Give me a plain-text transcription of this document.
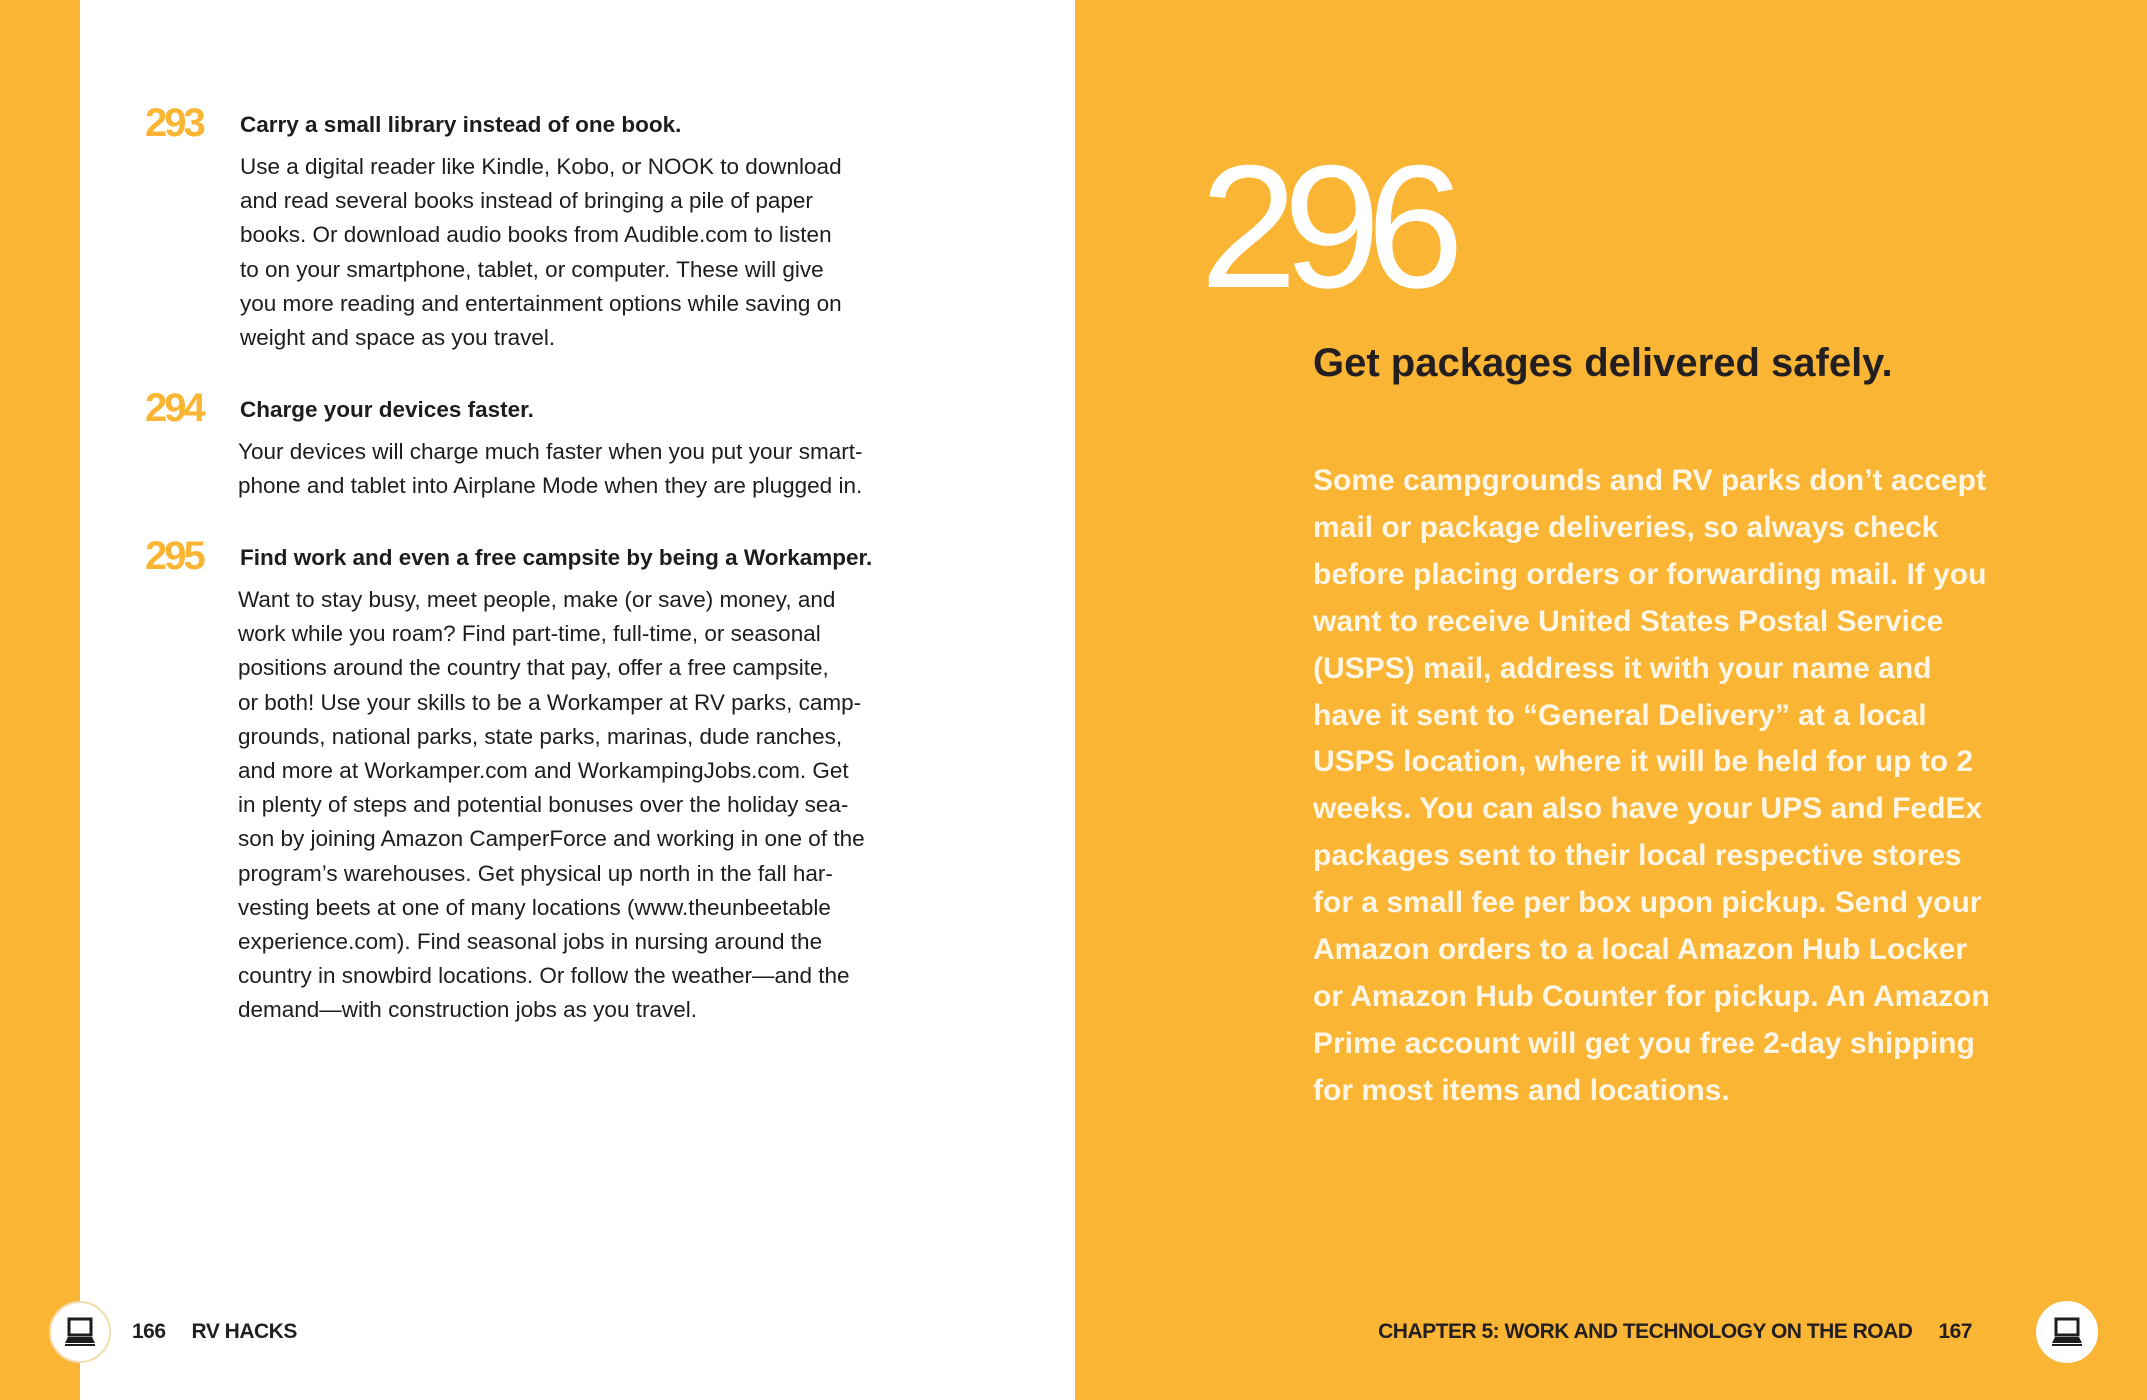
293	Carry a small library instead of one book.
Use a digital reader like Kindle, Kobo, or NOOK to download
and read several books instead of bringing a pile of paper
books. Or download audio books from Audible.com to listen
to on your smartphone, tablet, or computer. These will give
you more reading and entertainment options while saving on
weight and space as you travel.
294	Charge your devices faster.
Your devices will charge much faster when you put your smart-
phone and tablet into Airplane Mode when they are plugged in.
295	Find work and even a free campsite by being a Workamper.
Want to stay busy, meet people, make (or save) money, and
work while you roam? Find part-time, full-time, or seasonal
positions around the country that pay, offer a free campsite,
or both! Use your skills to be a Workamper at RV parks, camp-
grounds, national parks, state parks, marinas, dude ranches,
and more at Workamper.com and WorkampingJobs.com. Get
in plenty of steps and potential bonuses over the holiday sea-
son by joining Amazon CamperForce and working in one of the
program’s warehouses. Get physical up north in the fall har-
vesting beets at one of many locations (www.theunbeetable
experience.com). Find seasonal jobs in nursing around the
country in snowbird locations. Or follow the weather—and the
demand—with construction jobs as you travel.
166 RV HACKS
296
Get packages delivered safely.
Some campgrounds and RV parks don’t accept
mail or package deliveries, so always check
before placing orders or forwarding mail. If you
want to receive United States Postal Service
(USPS) mail, address it with your name and
have it sent to “General Delivery” at a local
USPS location, where it will be held for up to 2
weeks. You can also have your UPS and FedEx
packages sent to their local respective stores
for a small fee per box upon pickup. Send your
Amazon orders to a local Amazon Hub Locker
or Amazon Hub Counter for pickup. An Amazon
Prime account will get you free 2-day shipping
for most items and locations.
CHAPTER 5: WORK AND TECHNOLOGY ON THE ROAD 167
